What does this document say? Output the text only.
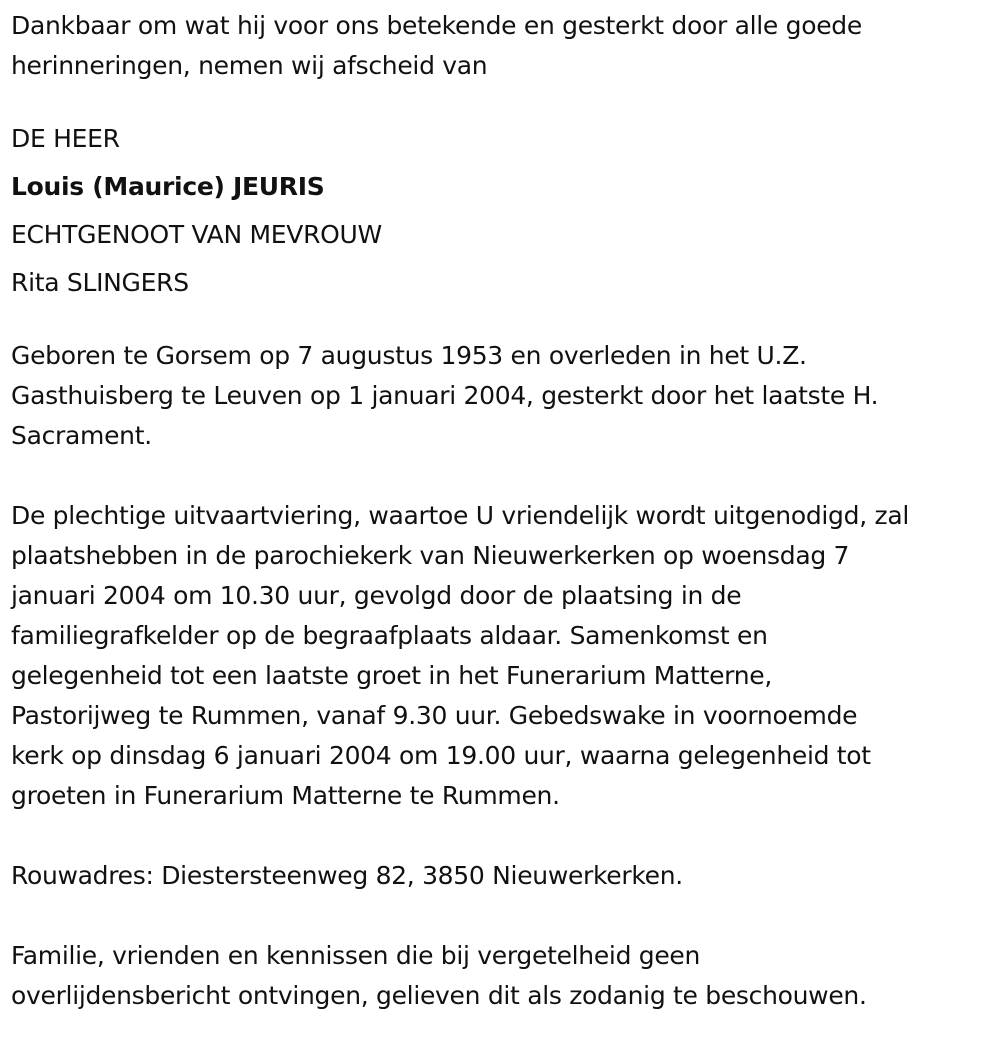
Dankbaar om wat hij voor ons betekende en gesterkt door alle goede
herinneringen, nemen wij afscheid van
DE HEER
Louis (Maurice) JEURIS
ECHTGENOOT VAN MEVROUW
Rita SLINGERS
Geboren te Gorsem op 7 augustus 1953 en overleden in het U.Z.
Gasthuisberg te Leuven op 1 januari 2004, gesterkt door het laatste H.
Sacrament.
De plechtige uitvaartviering, waartoe U vriendelijk wordt uitgenodigd, zal
plaatshebben in de parochiekerk van Nieuwerkerken op woensdag 7
januari 2004 om 10.30 uur, gevolgd door de plaatsing in de
familiegrafkelder op de begraafplaats aldaar. Samenkomst en
gelegenheid tot een laatste groet in het Funerarium Matterne,
Pastorijweg te Rummen, vanaf 9.30 uur. Gebedswake in voornoemde
kerk op dinsdag 6 januari 2004 om 19.00 uur, waarna gelegenheid tot
groeten in Funerarium Matterne te Rummen.
Rouwadres: Diestersteenweg 82, 3850 Nieuwerkerken.
Familie, vrienden en kennissen die bij vergetelheid geen
overlijdensbericht ontvingen, gelieven dit als zodanig te beschouwen.
